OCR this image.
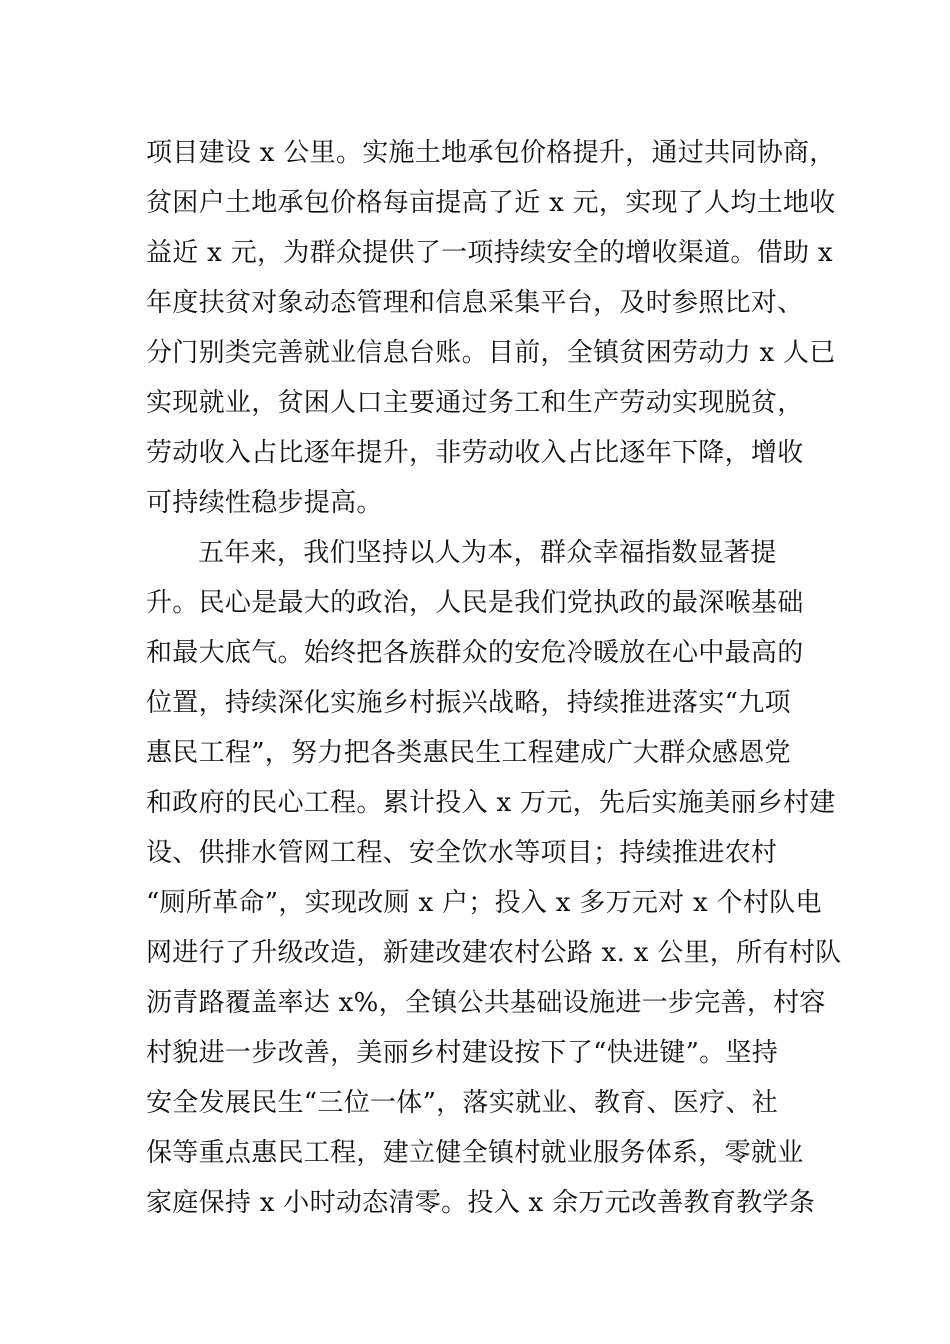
项目建设 x 公里。实施土地承包价格提升，通过共同协商，
贫困户土地承包价格每亩提高了近 x 元，实现了人均土地收
益近 x 元，为群众提供了一项持续安全的增收渠道。借助 x
年度扶贫对象动态管理和信息采集平台，及时参照比对、
分门别类完善就业信息台账。目前，全镇贫困劳动力 x 人已
实现就业，贫困人口主要通过务工和生产劳动实现脱贫，
劳动收入占比逐年提升，非劳动收入占比逐年下降，增收
可持续性稳步提高。
五年来，我们坚持以人为本，群众幸福指数显著提
升。民心是最大的政治，人民是我们党执政的最深喉基础
和最大底气。始终把各族群众的安危冷暖放在心中最高的
位置，持续深化实施乡村振兴战略，持续推进落实“九项
惠民工程”，努力把各类惠民生工程建成广大群众感恩党
和政府的民心工程。累计投入 x 万元，先后实施美丽乡村建
设、供排水管网工程、安全饮水等项目；持续推进农村
“厕所革命”，实现改厕 x 户；投入 x 多万元对 x 个村队电
网进行了升级改造，新建改建农村公路 x. x 公里，所有村队
沥青路覆盖率达 x%，全镇公共基础设施进一步完善，村容
村貌进一步改善，美丽乡村建设按下了“快进键”。坚持
安全发展民生“三位一体”，落实就业、教育、医疗、社
保等重点惠民工程，建立健全镇村就业服务体系，零就业
家庭保持 x 小时动态清零。投入 x 余万元改善教育教学条
